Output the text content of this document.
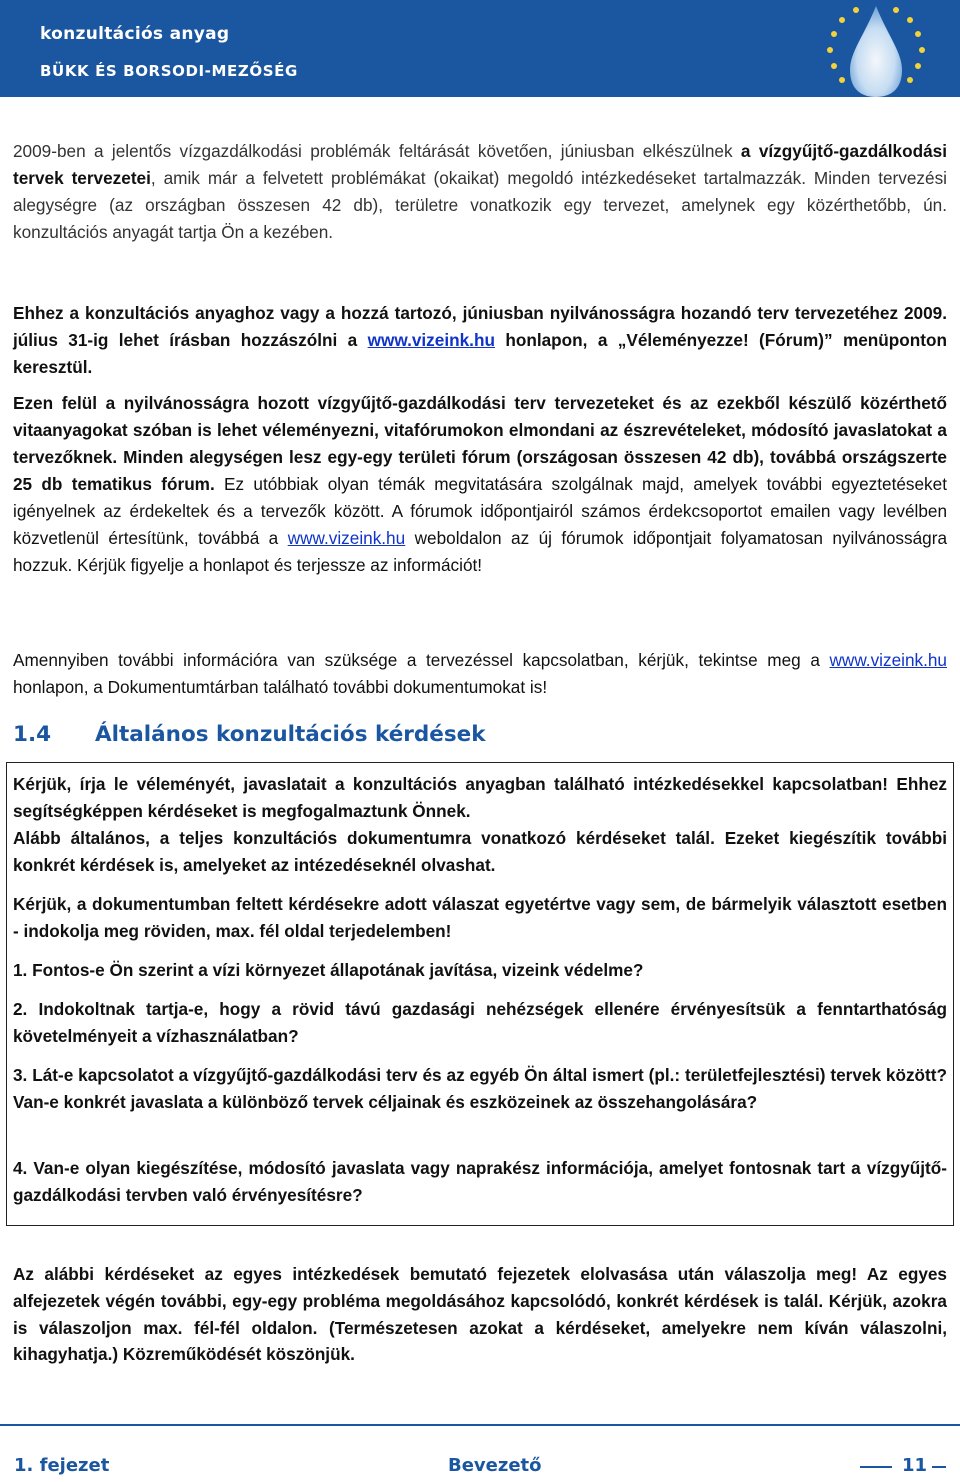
konzultációs anyag
BÜKK ÉS BORSODI-MEZŐSÉG
2009-ben a jelentős vízgazdálkodási problémák feltárását követően, júniusban elkészülnek a vízgyűjtő-gazdálkodási tervek tervezetei, amik már a felvetett problémákat (okaikat) megoldó intézkedéseket tartalmazzák. Minden tervezési alegységre (az országban összesen 42 db), területre vonatkozik egy tervezet, amelynek egy közérthetőbb, ún. konzultációs anyagát tartja Ön a kezében.
Ehhez a konzultációs anyaghoz vagy a hozzá tartozó, júniusban nyilvánosságra hozandó terv tervezetéhez 2009. július 31-ig lehet írásban hozzászólni a www.vizeink.hu honlapon, a „Véleményezze! (Fórum)” menüponton keresztül.
Ezen felül a nyilvánosságra hozott vízgyűjtő-gazdálkodási terv tervezeteket és az ezekből készülő közérthető vitaanyagokat szóban is lehet véleményezni, vitafórumokon elmondani az észrevételeket, módosító javaslatokat a tervezőknek. Minden alegységen lesz egy-egy területi fórum (országosan összesen 42 db), továbbá országszerte 25 db tematikus fórum. Ez utóbbiak olyan témák megvitatására szolgálnak majd, amelyek további egyeztetéseket igényelnek az érdekeltek és a tervezők között. A fórumok időpontjairól számos érdekcsoportot emailen vagy levélben közvetlenül értesítünk, továbbá a www.vizeink.hu weboldalon az új fórumok időpontjait folyamatosan nyilvánosságra hozzuk. Kérjük figyelje a honlapot és terjessze az információt!
Amennyiben további információra van szüksége a tervezéssel kapcsolatban, kérjük, tekintse meg a www.vizeink.hu honlapon, a Dokumentumtárban található további dokumentumokat is!
1.4 Általános konzultációs kérdések
Kérjük, írja le véleményét, javaslatait a konzultációs anyagban található intézkedésekkel kapcsolatban! Ehhez segítségképpen kérdéseket is megfogalmaztunk Önnek.
Alább általános, a teljes konzultációs dokumentumra vonatkozó kérdéseket talál. Ezeket kiegészítik további konkrét kérdések is, amelyeket az intézedéseknél olvashat.
Kérjük, a dokumentumban feltett kérdésekre adott válaszat egyetértve vagy sem, de bármelyik választott esetben - indokolja meg röviden, max. fél oldal terjedelemben!
1. Fontos-e Ön szerint a vízi környezet állapotának javítása, vizeink védelme?
2. Indokoltnak tartja-e, hogy a rövid távú gazdasági nehézségek ellenére érvényesítsük a fenntarthatóság követelményeit a vízhasználatban?
3. Lát-e kapcsolatot a vízgyűjtő-gazdálkodási terv és az egyéb Ön által ismert (pl.: területfejlesztési) tervek között? Van-e konkrét javaslata a különböző tervek céljainak és eszközeinek az összehangolására?
4. Van-e olyan kiegészítése, módosító javaslata vagy naprakész információja, amelyet fontosnak tart a vízgyűjtő-gazdálkodási tervben való érvényesítésre?
Az alábbi kérdéseket az egyes intézkedések bemutató fejezetek elolvasása után válaszolja meg! Az egyes alfejezetek végén további, egy-egy probléma megoldásához kapcsolódó, konkrét kérdések is talál. Kérjük, azokra is válaszoljon max. fél-fél oldalon. (Természetesen azokat a kérdéseket, amelyekre nem kíván válaszolni, kihagyhatja.) Közreműködését köszönjük.
1. fejezet	Bevezető	11
